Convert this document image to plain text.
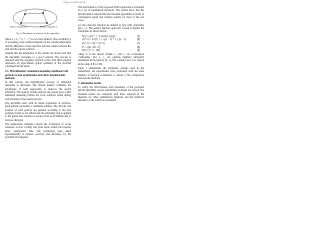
Heliyon 5 (2019) e01341
P	Pc
Proven solution 1	Proven solution 2

Fig. 2. Illustration of solution for the algorithm.

where x = x₁ + x₂ + ... + xₙ is a trial solution. The probability p of accepting a new solution depends on the current temperature and the difference of the objective function values between the trial and the current solution.

Assume that the parameters of the system are chosen such that the algorithm converges to a good solution. The process is repeated until the stopping criterion is met. The final solution represents an approximate global optimum of the problem considered in this study.

2.3. Hybridization: simulated annealing combined with particle swarm optimization and other metaheuristic methods

In this section, the hybridization process of simulated annealing is discussed. The hybrid method combines the advantages of both approaches to improve the search efficiency. The particle swarm explores the search space while simulated annealing refines the local solutions found during each iteration of the search process.

The algorithm starts with an initial population of particles. Each particle represents a candidate solution. The velocity and position of each particle are updated according to the best positions found so far. Afterwards the annealing step is applied to the global best solution to escape from local minima and to increase diversity.

The temperature schedule controls the acceptance of worse solutions. A slow cooling rate gives better results but requires more computation time. The parameters were tuned experimentally to balance accuracy and efficiency for the problems investigated.

The performance of the proposed hybrid approach is evaluated on a set of benchmark functions. The results show that the hybrid method outperforms the standard algorithms in terms of convergence speed and solution quality for most of the test cases.

Let the objective function be defined as f(x) with constraints g(x) ≤ 0. The penalty function approach is used to handle the constraints as shown below.

F(x) = f(x) + r · Σ max(0, gᵢ(x))²	(5)
v(t+1) = w·v(t) + c₁r₁(p − x) + c₂r₂(g − x)	(6)
x(t+1) = x(t) + v(t+1)	(7)
P = exp(−ΔE / T)	(8)
T(k+1) = α · T(k)	(9)

where w is the inertia weight, c₁ and c₂ are acceleration coefficients, and r₁, r₂ are random numbers uniformly distributed in the interval [0, 1]. The cooling factor α is chosen in the range 0.8 to 0.99.

Table 1 summarizes the parameter settings used in the simulations. All experiments were performed with the same number of function evaluations to ensure a fair comparison between the methods.

3. Simulation results

To verify the effectiveness and robustness of the proposed hybrid algorithm, several benchmark problems are solved. The obtained results are compared with those reported in the literature for other optimization methods, and the statistical measures of the results are presented.
